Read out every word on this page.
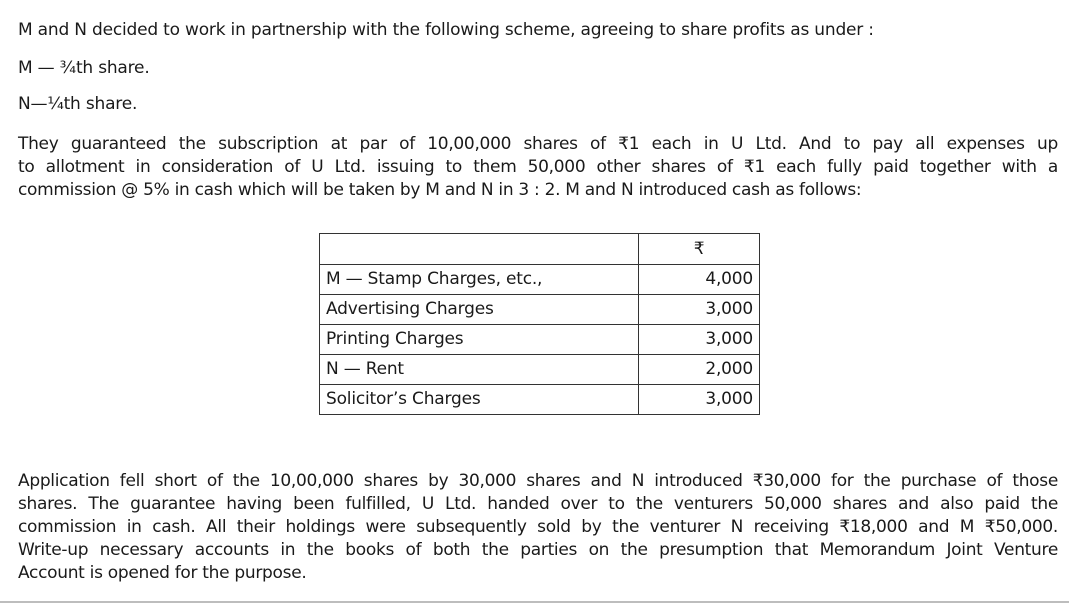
M and N decided to work in partnership with the following scheme, agreeing to share profits as under :
M — ¾th share.
N—¼th share.
They guaranteed the subscription at par of 10,00,000 shares of ₹1 each in U Ltd. And to pay all expenses up
to allotment in consideration of U Ltd. issuing to them 50,000 other shares of ₹1 each fully paid together with a
commission @ 5% in cash which will be taken by M and N in 3 : 2. M and N introduced cash as follows:
	₹
M — Stamp Charges, etc.,	4,000
Advertising Charges	3,000
Printing Charges	3,000
N — Rent	2,000
Solicitor’s Charges	3,000
Application fell short of the 10,00,000 shares by 30,000 shares and N introduced ₹30,000 for the purchase of those
shares. The guarantee having been fulfilled, U Ltd. handed over to the venturers 50,000 shares and also paid the
commission in cash. All their holdings were subsequently sold by the venturer N receiving ₹18,000 and M ₹50,000.
Write-up necessary accounts in the books of both the parties on the presumption that Memorandum Joint Venture
Account is opened for the purpose.
